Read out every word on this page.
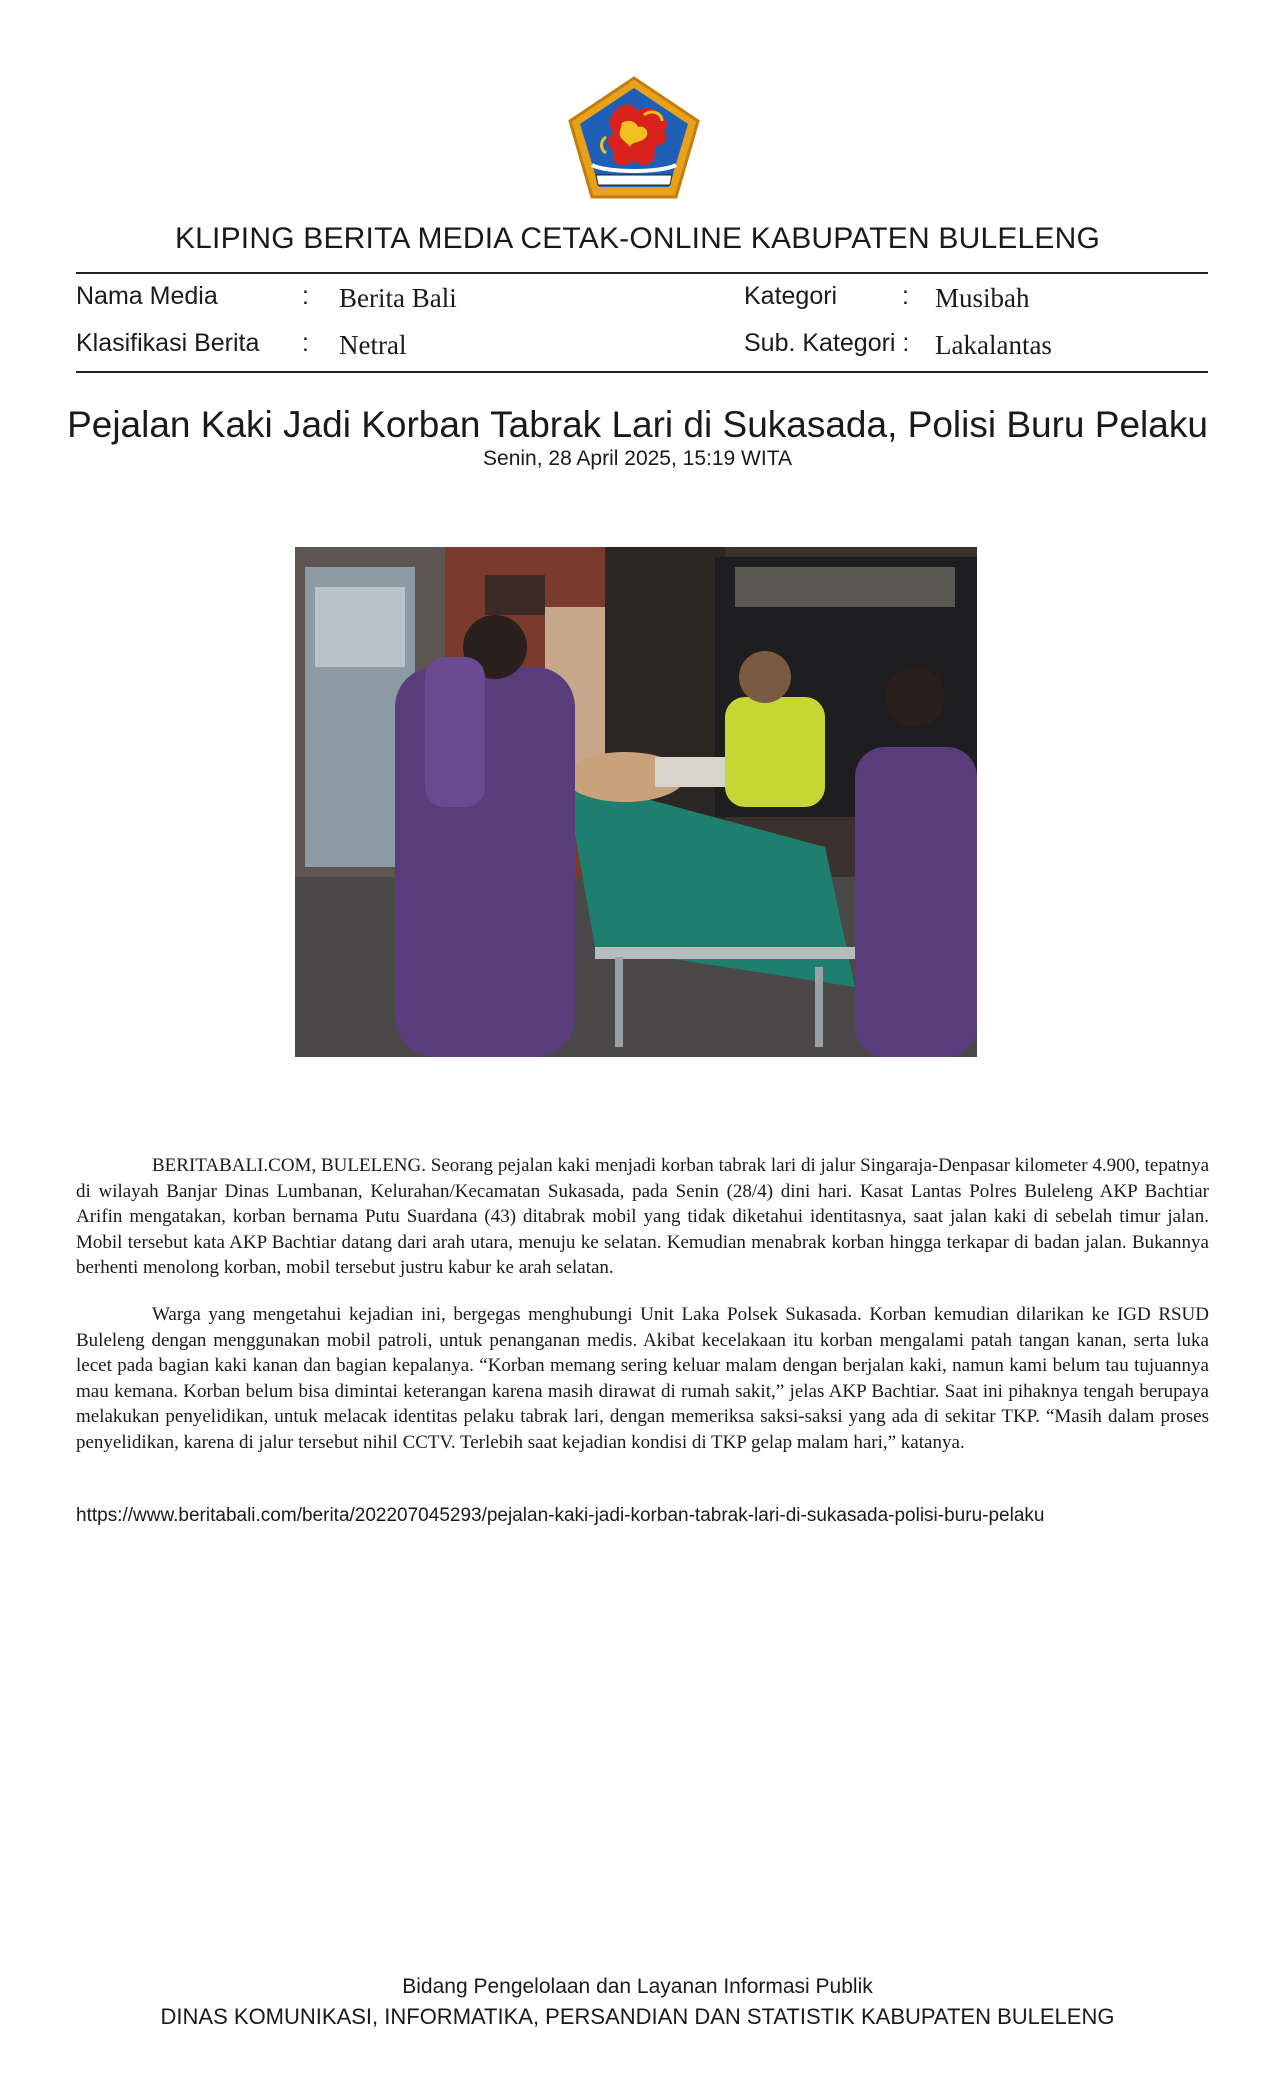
KLIPING BERITA MEDIA CETAK-ONLINE KABUPATEN BULELENG
Nama Media	: Berita Bali	Kategori	: Musibah
Klasifikasi Berita : Netral	Sub. Kategori : Lakalantas
Pejalan Kaki Jadi Korban Tabrak Lari di Sukasada, Polisi Buru Pelaku
Senin, 28 April 2025, 15:19 WITA

BERITABALI.COM, BULELENG. Seorang pejalan kaki menjadi korban tabrak lari di jalur Singaraja-Denpasar kilometer 4.900, tepatnya di wilayah Banjar Dinas Lumbanan, Kelurahan/Kecamatan Sukasada, pada Senin (28/4) dini hari. Kasat Lantas Polres Buleleng AKP Bachtiar Arifin mengatakan, korban bernama Putu Suardana (43) ditabrak mobil yang tidak diketahui identitasnya, saat jalan kaki di sebelah timur jalan. Mobil tersebut kata AKP Bachtiar datang dari arah utara, menuju ke selatan. Kemudian menabrak korban hingga terkapar di badan jalan. Bukannya berhenti menolong korban, mobil tersebut justru kabur ke arah selatan.

Warga yang mengetahui kejadian ini, bergegas menghubungi Unit Laka Polsek Sukasada. Korban kemudian dilarikan ke IGD RSUD Buleleng dengan menggunakan mobil patroli, untuk penanganan medis. Akibat kecelakaan itu korban mengalami patah tangan kanan, serta luka lecet pada bagian kaki kanan dan bagian kepalanya. “Korban memang sering keluar malam dengan berjalan kaki, namun kami belum tau tujuannya mau kemana. Korban belum bisa dimintai keterangan karena masih dirawat di rumah sakit,” jelas AKP Bachtiar. Saat ini pihaknya tengah berupaya melakukan penyelidikan, untuk melacak identitas pelaku tabrak lari, dengan memeriksa saksi-saksi yang ada di sekitar TKP. “Masih dalam proses penyelidikan, karena di jalur tersebut nihil CCTV. Terlebih saat kejadian kondisi di TKP gelap malam hari,” katanya.

https://www.beritabali.com/berita/202207045293/pejalan-kaki-jadi-korban-tabrak-lari-di-sukasada-polisi-buru-pelaku
Bidang Pengelolaan dan Layanan Informasi Publik
DINAS KOMUNIKASI, INFORMATIKA, PERSANDIAN DAN STATISTIK KABUPATEN BULELENG
